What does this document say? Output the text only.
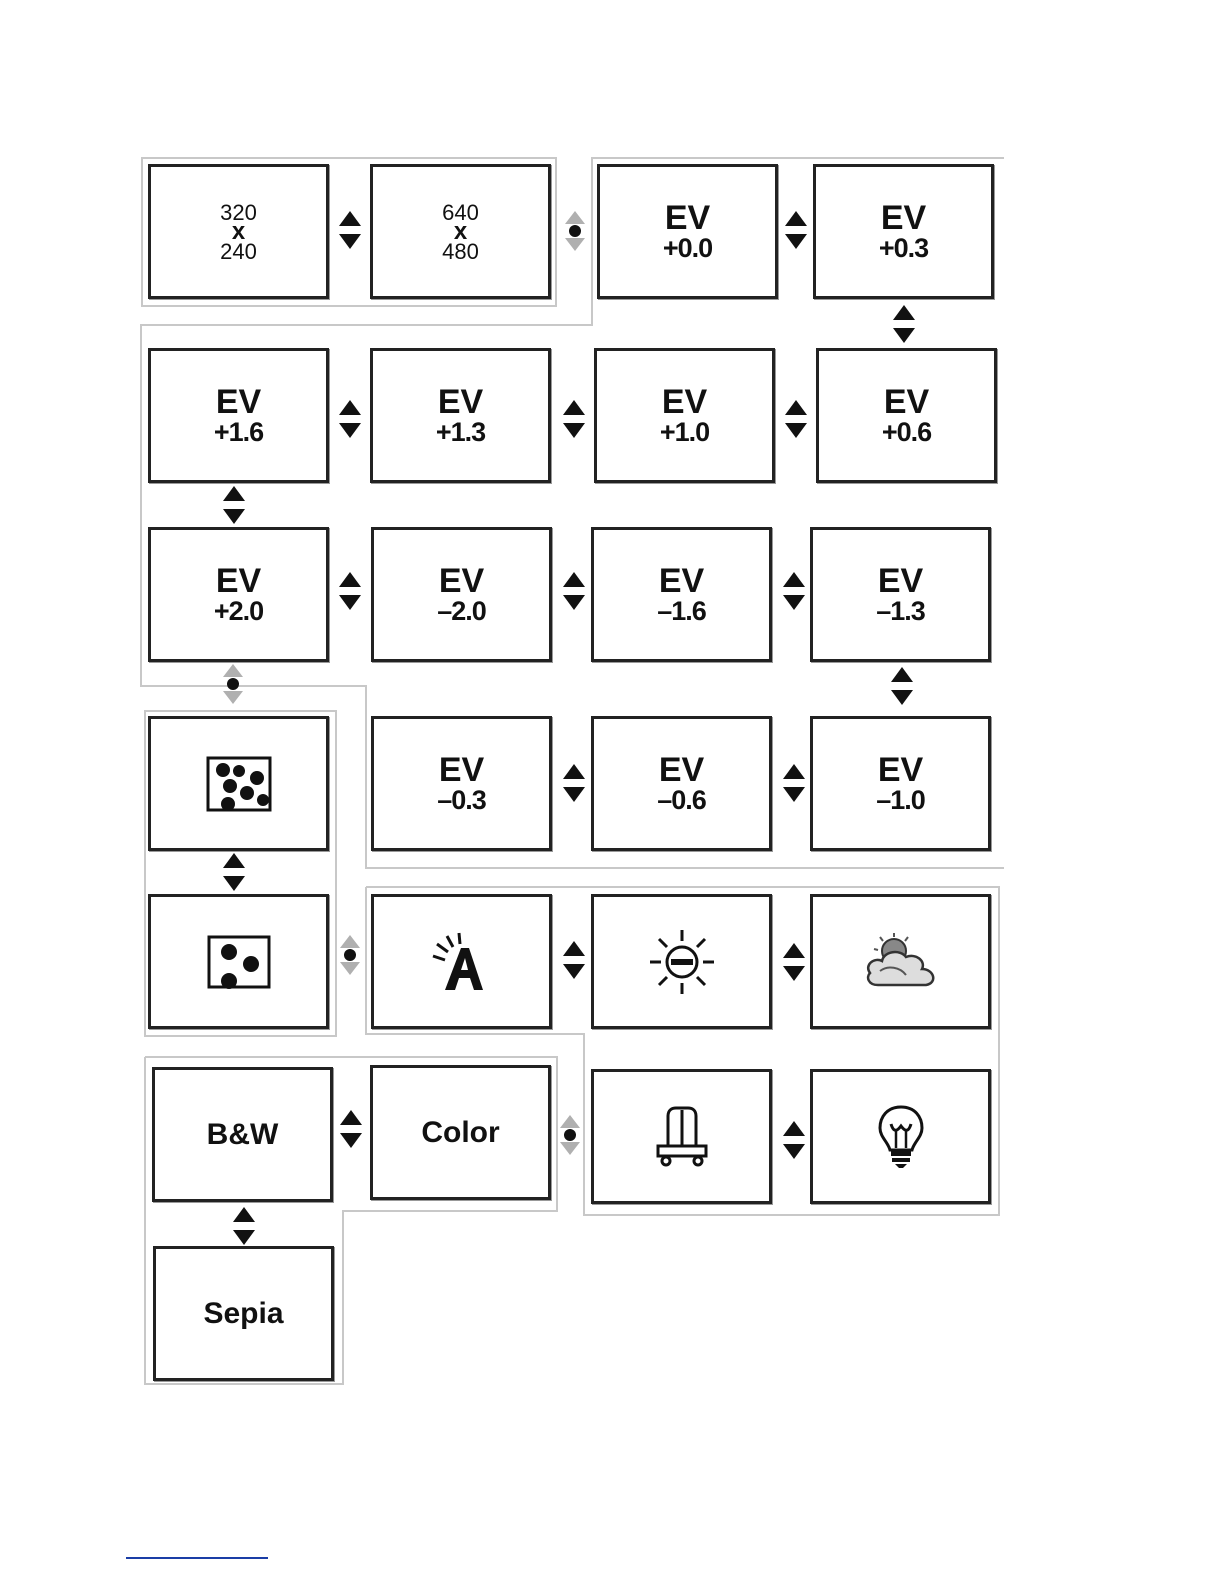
320
x
240
640
x
480
EV
+0.0
EV
+0.3
EV
+1.6
EV
+1.3
EV
+1.0
EV
+0.6
EV
+2.0
EV
–2.0
EV
–1.6
EV
–1.3
EV
–0.3
EV
–0.6
EV
–1.0
B&W	Color
Sepia
